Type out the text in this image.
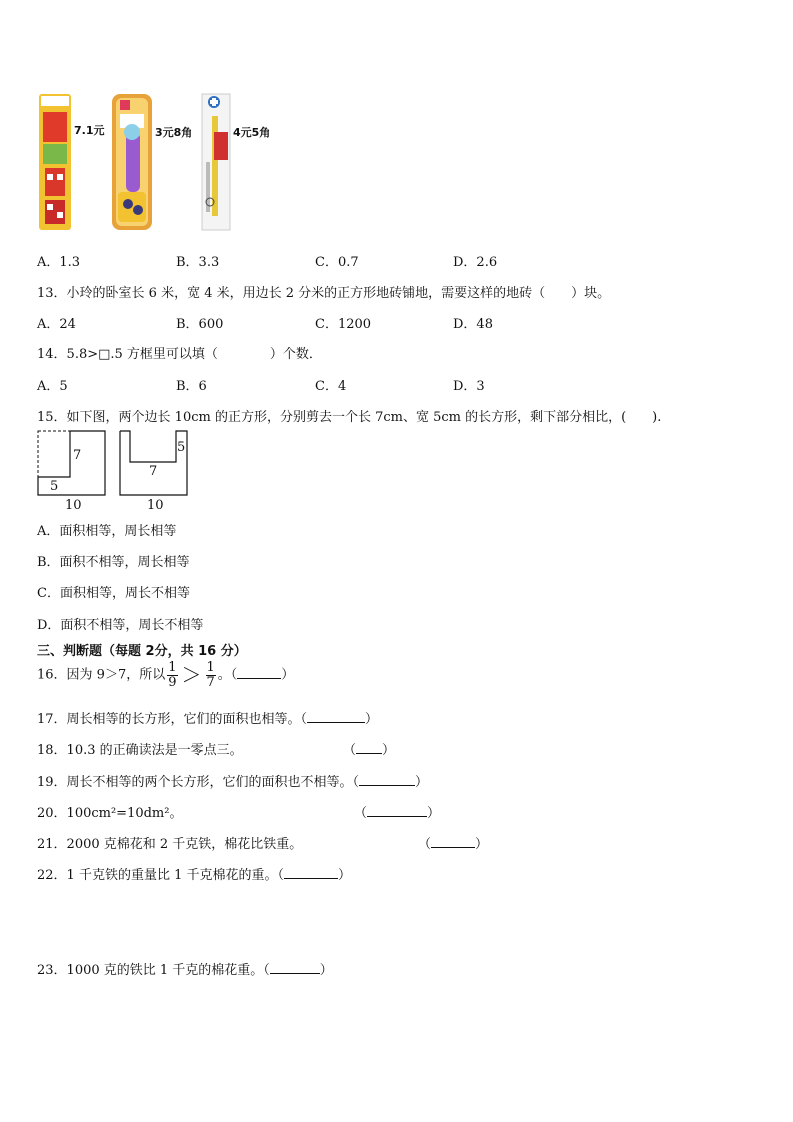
7.1元	3元8角	4元5角
A．1.3	B．3.3	C．0.7	D．2.6
13．小玲的卧室长 6 米，宽 4 米，用边长 2 分米的正方形地砖铺地，需要这样的地砖（　　）块。
A．24	B．600	C．1200	D．48
14．5.8>□.5 方框里可以填（　　　　）个数．
A．5	B．6	C．4	D．3
15．如下图，两个边长 10cm 的正方形，分别剪去一个长 7cm、宽 5cm 的长方形，剩下部分相比，(　　).
7
5
10
5
7
10
A．面积相等，周长相等
B．面积不相等，周长相等
C．面积相等，周长不相等
D．面积不相等，周长不相等
三、判断题（每题 2分，共 16 分）
16．因为 9＞7，所以 $\frac{1}{9} > \frac{1}{7}$ 。（	）
17．周长相等的长方形，它们的面积也相等。（	）
18．10.3 的正确读法是一零点三。	（ ）
19．周长不相等的两个长方形，它们的面积也不相等。（	）
20．100cm²=10dm²。	（	）
21．2000 克棉花和 2 千克铁，棉花比铁重。	（	）
22．1 千克铁的重量比 1 千克棉花的重。（	）
23．1000 克的铁比 1 千克的棉花重。（	）
